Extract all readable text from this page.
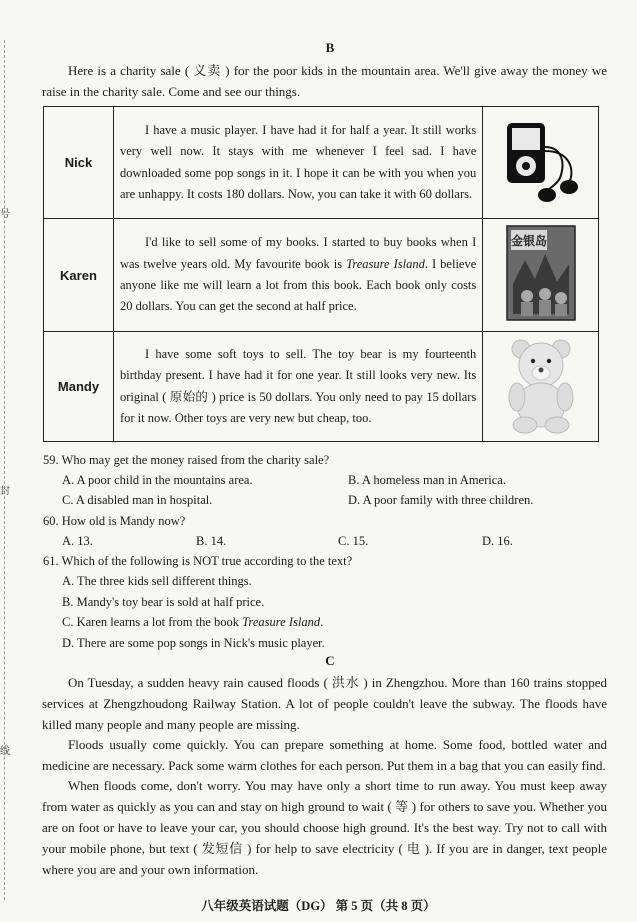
号
封
线
B
Here is a charity sale ( 义卖 ) for the poor kids in the mountain area. We'll give away the money we raise in the charity sale. Come and see our things.
Nick	I have a music player. I have had it for half a year. It still works very well now. It stays with me whenever I feel sad. I have downloaded some pop songs in it. I hope it can be with you when you are unhappy. It costs 180 dollars. Now, you can take it with 60 dollars.

Karen	I'd like to sell some of my books. I started to buy books when I was twelve years old. My favourite book is Treasure Island. I believe anyone like me will learn a lot from this book. Each book only costs 20 dollars. You can get the second at half price.	金银岛

Mandy	I have some soft toys to sell. The toy bear is my fourteenth birthday present. I have had it for one year. It still looks very new. Its original ( 原始的 ) price is 50 dollars. You only need to pay 15 dollars for it now. Other toys are very new but cheap, too.

59. Who may get the money raised from the charity sale?
A. A poor child in the mountains area.	B. A homeless man in America.
C. A disabled man in hospital.	D. A poor family with three children.
60. How old is Mandy now?
A. 13.	B. 14.	C. 15.	D. 16.
61. Which of the following is NOT true according to the text?
A. The three kids sell different things.
B. Mandy's toy bear is sold at half price.
C. Karen learns a lot from the book Treasure Island.
D. There are some pop songs in Nick's music player.
C
On Tuesday, a sudden heavy rain caused floods ( 洪水 ) in Zhengzhou. More than 160 trains stopped services at Zhengzhoudong Railway Station. A lot of people couldn't leave the subway. The floods have killed many people and many people are missing.
Floods usually come quickly. You can prepare something at home. Some food, bottled water and medicine are necessary. Pack some warm clothes for each person. Put them in a bag that you can easily find.
When floods come, don't worry. You may have only a short time to run away. You must keep away from water as quickly as you can and stay on high ground to wait ( 等 ) for others to save you. Whether you are on foot or have to leave your car, you should choose high ground. It's the best way. Try not to call with your mobile phone, but text ( 发短信 ) for help to save electricity ( 电 ). If you are in danger, text people where you are and your own information.
八年级英语试题（DG） 第 5 页（共 8 页）
